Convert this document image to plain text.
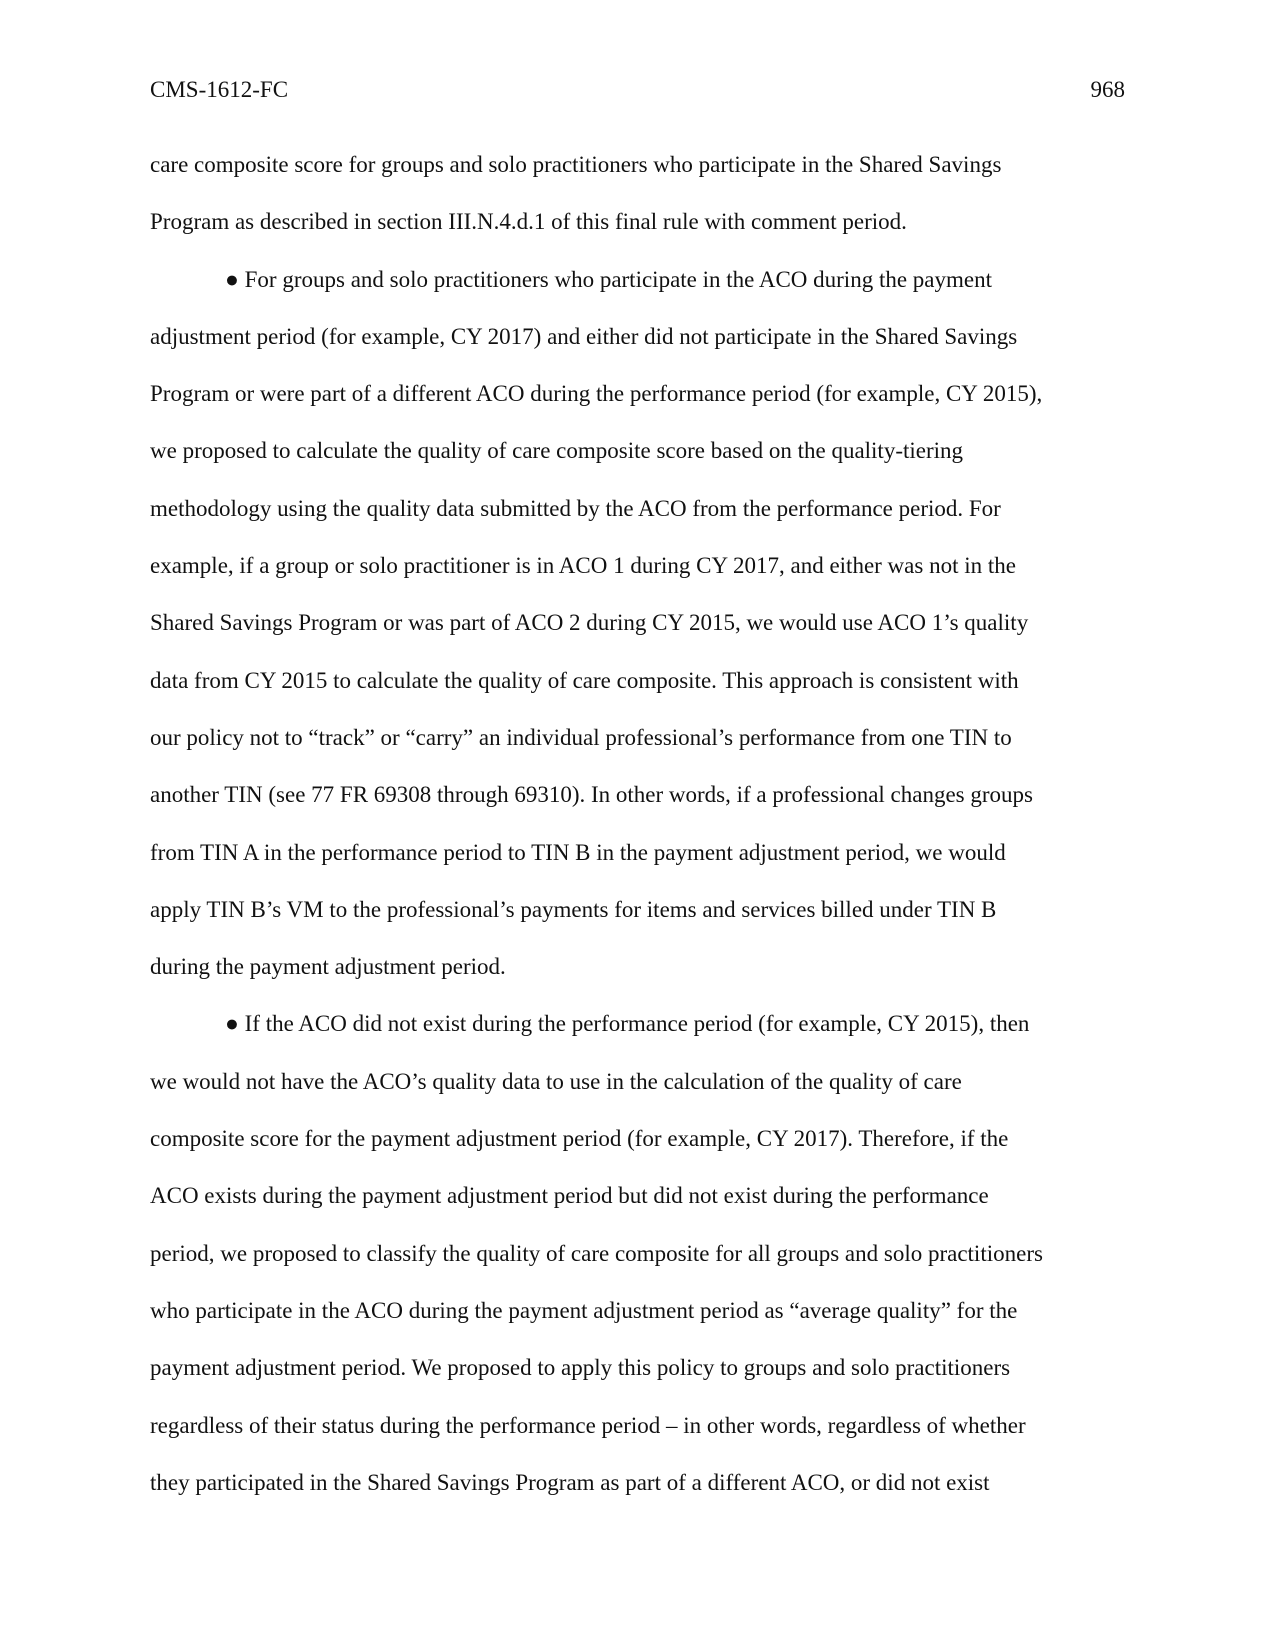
CMS-1612-FC	968
care composite score for groups and solo practitioners who participate in the Shared Savings
Program as described in section III.N.4.d.1 of this final rule with comment period.
● For groups and solo practitioners who participate in the ACO during the payment
adjustment period (for example, CY 2017) and either did not participate in the Shared Savings
Program or were part of a different ACO during the performance period (for example, CY 2015),
we proposed to calculate the quality of care composite score based on the quality-tiering
methodology using the quality data submitted by the ACO from the performance period. For
example, if a group or solo practitioner is in ACO 1 during CY 2017, and either was not in the
Shared Savings Program or was part of ACO 2 during CY 2015, we would use ACO 1’s quality
data from CY 2015 to calculate the quality of care composite. This approach is consistent with
our policy not to “track” or “carry” an individual professional’s performance from one TIN to
another TIN (see 77 FR 69308 through 69310). In other words, if a professional changes groups
from TIN A in the performance period to TIN B in the payment adjustment period, we would
apply TIN B’s VM to the professional’s payments for items and services billed under TIN B
during the payment adjustment period.
● If the ACO did not exist during the performance period (for example, CY 2015), then
we would not have the ACO’s quality data to use in the calculation of the quality of care
composite score for the payment adjustment period (for example, CY 2017). Therefore, if the
ACO exists during the payment adjustment period but did not exist during the performance
period, we proposed to classify the quality of care composite for all groups and solo practitioners
who participate in the ACO during the payment adjustment period as “average quality” for the
payment adjustment period. We proposed to apply this policy to groups and solo practitioners
regardless of their status during the performance period – in other words, regardless of whether
they participated in the Shared Savings Program as part of a different ACO, or did not exist
